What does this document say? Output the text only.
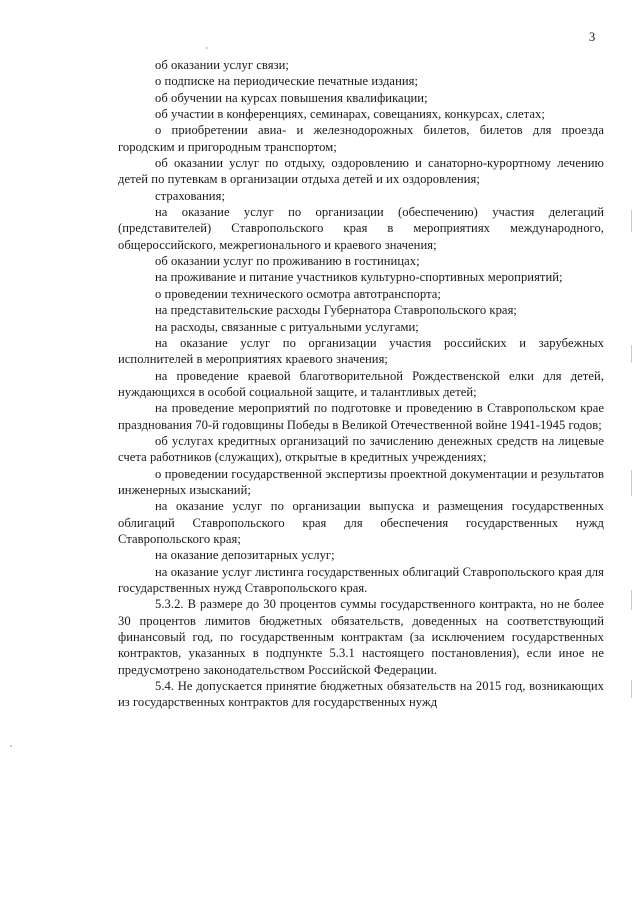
3

об оказании услуг связи;

о подписке на периодические печатные издания;

об обучении на курсах повышения квалификации;

об участии в конференциях, семинарах, совещаниях, конкурсах, слетах;

о приобретении авиа- и железнодорожных билетов, билетов для проезда городским и пригородным транспортом;

об оказании услуг по отдыху, оздоровлению и санаторно-курортному лечению детей по путевкам в организации отдыха детей и их оздоровления;

страхования;

на оказание услуг по организации (обеспечению) участия делегаций (представителей) Ставропольского края в мероприятиях международного, общероссийского, межрегионального и краевого значения;

об оказании услуг по проживанию в гостиницах;

на проживание и питание участников культурно-спортивных мероприятий;

о проведении технического осмотра автотранспорта;

на представительские расходы Губернатора Ставропольского края;

на расходы, связанные с ритуальными услугами;

на оказание услуг по организации участия российских и зарубежных исполнителей в мероприятиях краевого значения;

на проведение краевой благотворительной Рождественской елки для детей, нуждающихся в особой социальной защите, и талантливых детей;

на проведение мероприятий по подготовке и проведению в Ставропольском крае празднования 70-й годовщины Победы в Великой Отечественной войне 1941-1945 годов;

об услугах кредитных организаций по зачислению денежных средств на лицевые счета работников (служащих), открытые в кредитных учреждениях;

о проведении государственной экспертизы проектной документации и результатов инженерных изысканий;

на оказание услуг по организации выпуска и размещения государственных облигаций Ставропольского края для обеспечения государственных нужд Ставропольского края;

на оказание депозитарных услуг;

на оказание услуг листинга государственных облигаций Ставропольского края для государственных нужд Ставропольского края.

5.3.2. В размере до 30 процентов суммы государственного контракта, но не более 30 процентов лимитов бюджетных обязательств, доведенных на соответствующий финансовый год, по государственным контрактам (за исключением государственных контрактов, указанных в подпункте 5.3.1 настоящего постановления), если иное не предусмотрено законодательством Российской Федерации.

5.4. Не допускается принятие бюджетных обязательств на 2015 год, возникающих из государственных контрактов для государственных нужд
